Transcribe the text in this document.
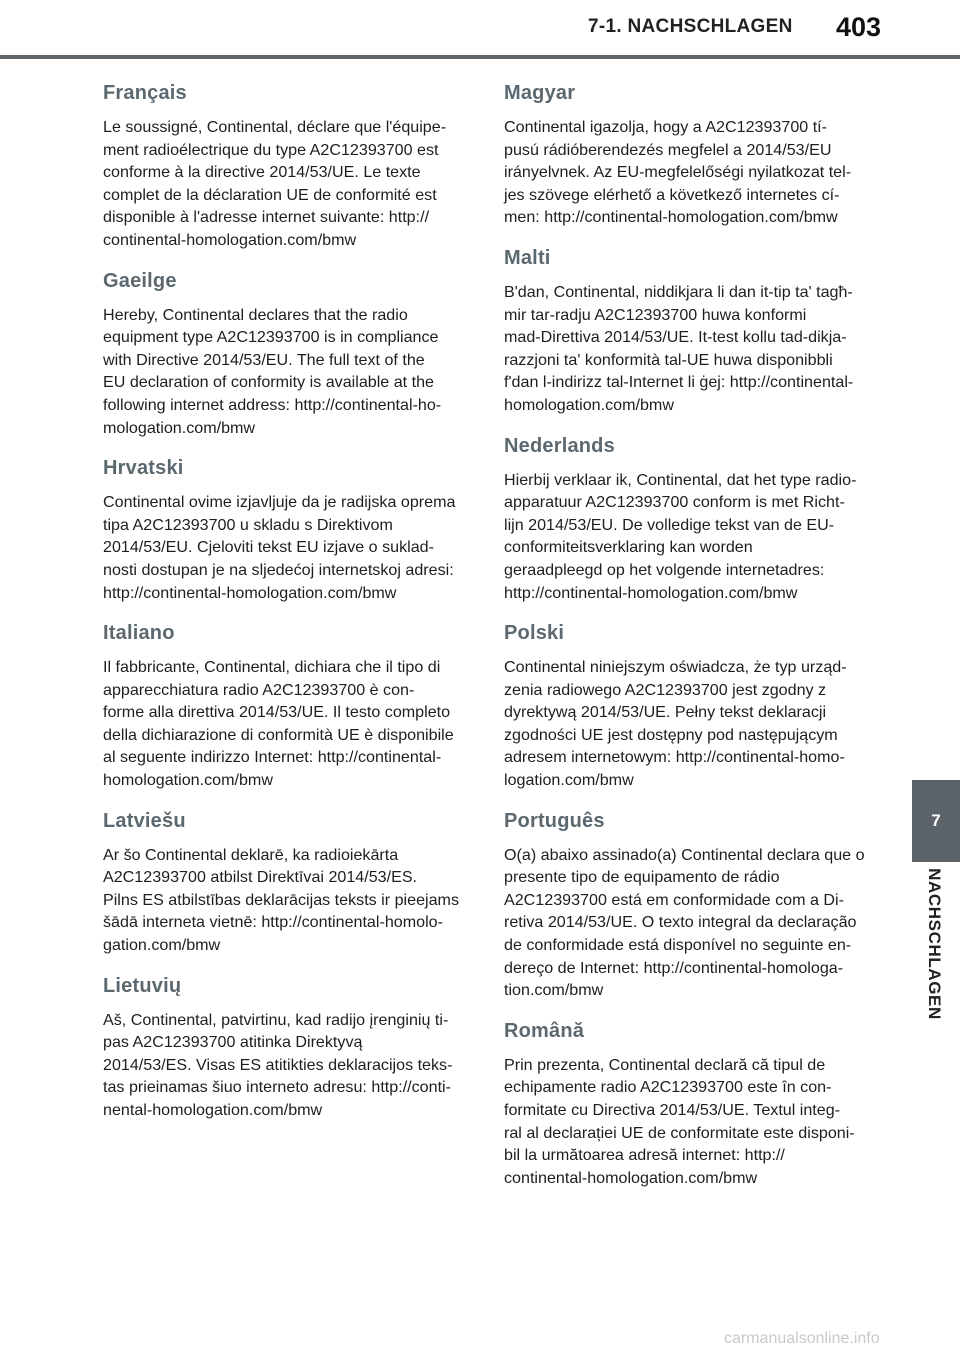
7-1. NACHSCHLAGEN 403
Français

Le soussigné, Continental, déclare que l'équipe-
ment radioélectrique du type A2C12393700 est
conforme à la directive 2014/53/UE. Le texte
complet de la déclaration UE de conformité est
disponible à l'adresse internet suivante: http://
continental-homologation.com/bmw

Gaeilge

Hereby, Continental declares that the radio
equipment type A2C12393700 is in compliance
with Directive 2014/53/EU. The full text of the
EU declaration of conformity is available at the
following internet address: http://continental-ho-
mologation.com/bmw

Hrvatski

Continental ovime izjavljuje da je radijska oprema
tipa A2C12393700 u skladu s Direktivom
2014/53/EU. Cjeloviti tekst EU izjave o suklad-
nosti dostupan je na sljedećoj internetskoj adresi:
http://continental-homologation.com/bmw

Italiano

Il fabbricante, Continental, dichiara che il tipo di
apparecchiatura radio A2C12393700 è con-
forme alla direttiva 2014/53/UE. Il testo completo
della dichiarazione di conformità UE è disponibile
al seguente indirizzo Internet: http://continental-
homologation.com/bmw

Latviešu

Ar šo Continental deklarē, ka radioiekārta
A2C12393700 atbilst Direktīvai 2014/53/ES.
Pilns ES atbilstības deklarācijas teksts ir pieejams
šādā interneta vietnē: http://continental-homolo-
gation.com/bmw

Lietuvių

Aš, Continental, patvirtinu, kad radijo įrenginių ti-
pas A2C12393700 atitinka Direktyvą
2014/53/ES. Visas ES atitikties deklaracijos teks-
tas prieinamas šiuo interneto adresu: http://conti-
nental-homologation.com/bmw

Magyar

Continental igazolja, hogy a A2C12393700 tí-
pusú rádióberendezés megfelel a 2014/53/EU
irányelvnek. Az EU-megfelelőségi nyilatkozat tel-
jes szövege elérhető a következő internetes cí-
men: http://continental-homologation.com/bmw

Malti

B'dan, Continental, niddikjara li dan it-tip ta' tagħ-
mir tar-radju A2C12393700 huwa konformi
mad-Direttiva 2014/53/UE. It-test kollu tad-dikja-
razzjoni ta' konformità tal-UE huwa disponibbli
f'dan l-indirizz tal-Internet li ġej: http://continental-
homologation.com/bmw

Nederlands

Hierbij verklaar ik, Continental, dat het type radio-
apparatuur A2C12393700 conform is met Richt-
lijn 2014/53/EU. De volledige tekst van de EU-
conformiteitsverklaring kan worden
geraadpleegd op het volgende internetadres:
http://continental-homologation.com/bmw

Polski

Continental niniejszym oświadcza, że typ urząd-
zenia radiowego A2C12393700 jest zgodny z
dyrektywą 2014/53/UE. Pełny tekst deklaracji
zgodności UE jest dostępny pod następującym
adresem internetowym: http://continental-homo-
logation.com/bmw

Português

O(a) abaixo assinado(a) Continental declara que o
presente tipo de equipamento de rádio

A2C12393700 está em conformidade com a Di-
retiva 2014/53/UE. O texto integral da declaração
de conformidade está disponível no seguinte en-
dereço de Internet: http://continental-homologa-
tion.com/bmw

Română

Prin prezenta, Continental declară că tipul de
echipamente radio A2C12393700 este în con-
formitate cu Directiva 2014/53/UE. Textul integ-
ral al declarației UE de conformitate este disponi-
bil la următoarea adresă internet: http://
continental-homologation.com/bmw

7
NACHSCHLAGEN
carmanualsonline.info
